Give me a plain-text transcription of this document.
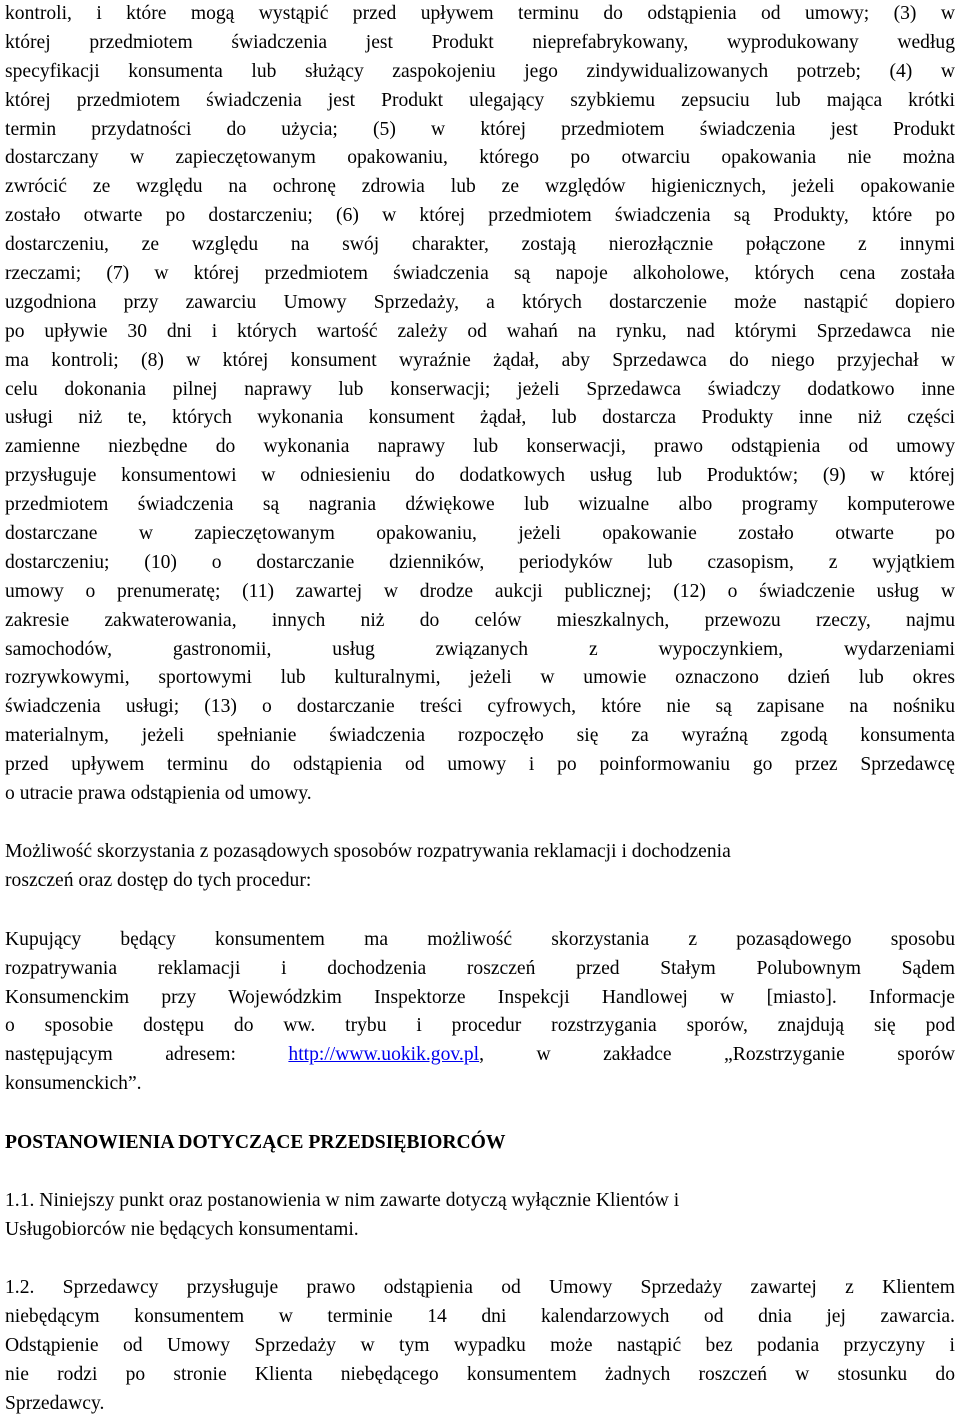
kontroli, i które mogą wystąpić przed upływem terminu do odstąpienia od umowy; (3) w
której przedmiotem świadczenia jest Produkt nieprefabrykowany, wyprodukowany według
specyfikacji konsumenta lub służący zaspokojeniu jego zindywidualizowanych potrzeb; (4) w
której przedmiotem świadczenia jest Produkt ulegający szybkiemu zepsuciu lub mająca krótki
termin przydatności do użycia; (5) w której przedmiotem świadczenia jest Produkt
dostarczany w zapieczętowanym opakowaniu, którego po otwarciu opakowania nie można
zwrócić ze względu na ochronę zdrowia lub ze względów higienicznych, jeżeli opakowanie
zostało otwarte po dostarczeniu; (6) w której przedmiotem świadczenia są Produkty, które po
dostarczeniu, ze względu na swój charakter, zostają nierozłącznie połączone z innymi
rzeczami; (7) w której przedmiotem świadczenia są napoje alkoholowe, których cena została
uzgodniona przy zawarciu Umowy Sprzedaży, a których dostarczenie może nastąpić dopiero
po upływie 30 dni i których wartość zależy od wahań na rynku, nad którymi Sprzedawca nie
ma kontroli; (8) w której konsument wyraźnie żądał, aby Sprzedawca do niego przyjechał w
celu dokonania pilnej naprawy lub konserwacji; jeżeli Sprzedawca świadczy dodatkowo inne
usługi niż te, których wykonania konsument żądał, lub dostarcza Produkty inne niż części
zamienne niezbędne do wykonania naprawy lub konserwacji, prawo odstąpienia od umowy
przysługuje konsumentowi w odniesieniu do dodatkowych usług lub Produktów; (9) w której
przedmiotem świadczenia są nagrania dźwiękowe lub wizualne albo programy komputerowe
dostarczane w zapieczętowanym opakowaniu, jeżeli opakowanie zostało otwarte po
dostarczeniu; (10) o dostarczanie dzienników, periodyków lub czasopism, z wyjątkiem
umowy o prenumeratę; (11) zawartej w drodze aukcji publicznej; (12) o świadczenie usług w
zakresie zakwaterowania, innych niż do celów mieszkalnych, przewozu rzeczy, najmu
samochodów, gastronomii, usług związanych z wypoczynkiem, wydarzeniami
rozrywkowymi, sportowymi lub kulturalnymi, jeżeli w umowie oznaczono dzień lub okres
świadczenia usługi; (13) o dostarczanie treści cyfrowych, które nie są zapisane na nośniku
materialnym, jeżeli spełnianie świadczenia rozpoczęło się za wyraźną zgodą konsumenta
przed upływem terminu do odstąpienia od umowy i po poinformowaniu go przez Sprzedawcę
o utracie prawa odstąpienia od umowy.
Możliwość skorzystania z pozasądowych sposobów rozpatrywania reklamacji i dochodzenia
roszczeń oraz dostęp do tych procedur:
Kupujący będący konsumentem ma możliwość skorzystania z pozasądowego sposobu
rozpatrywania reklamacji i dochodzenia roszczeń przed Stałym Polubownym Sądem
Konsumenckim przy Wojewódzkim Inspektorze Inspekcji Handlowej w [miasto]. Informacje
o sposobie dostępu do ww. trybu i procedur rozstrzygania sporów, znajdują się pod
następującym adresem: http://www.uokik.gov.pl, w zakładce „Rozstrzyganie sporów
konsumenckich”.
POSTANOWIENIA DOTYCZĄCE PRZEDSIĘBIORCÓW
1.1. Niniejszy punkt oraz postanowienia w nim zawarte dotyczą wyłącznie Klientów i
Usługobiorców nie będących konsumentami.
1.2. Sprzedawcy przysługuje prawo odstąpienia od Umowy Sprzedaży zawartej z Klientem
niebędącym konsumentem w terminie 14 dni kalendarzowych od dnia jej zawarcia.
Odstąpienie od Umowy Sprzedaży w tym wypadku może nastąpić bez podania przyczyny i
nie rodzi po stronie Klienta niebędącego konsumentem żadnych roszczeń w stosunku do
Sprzedawcy.
